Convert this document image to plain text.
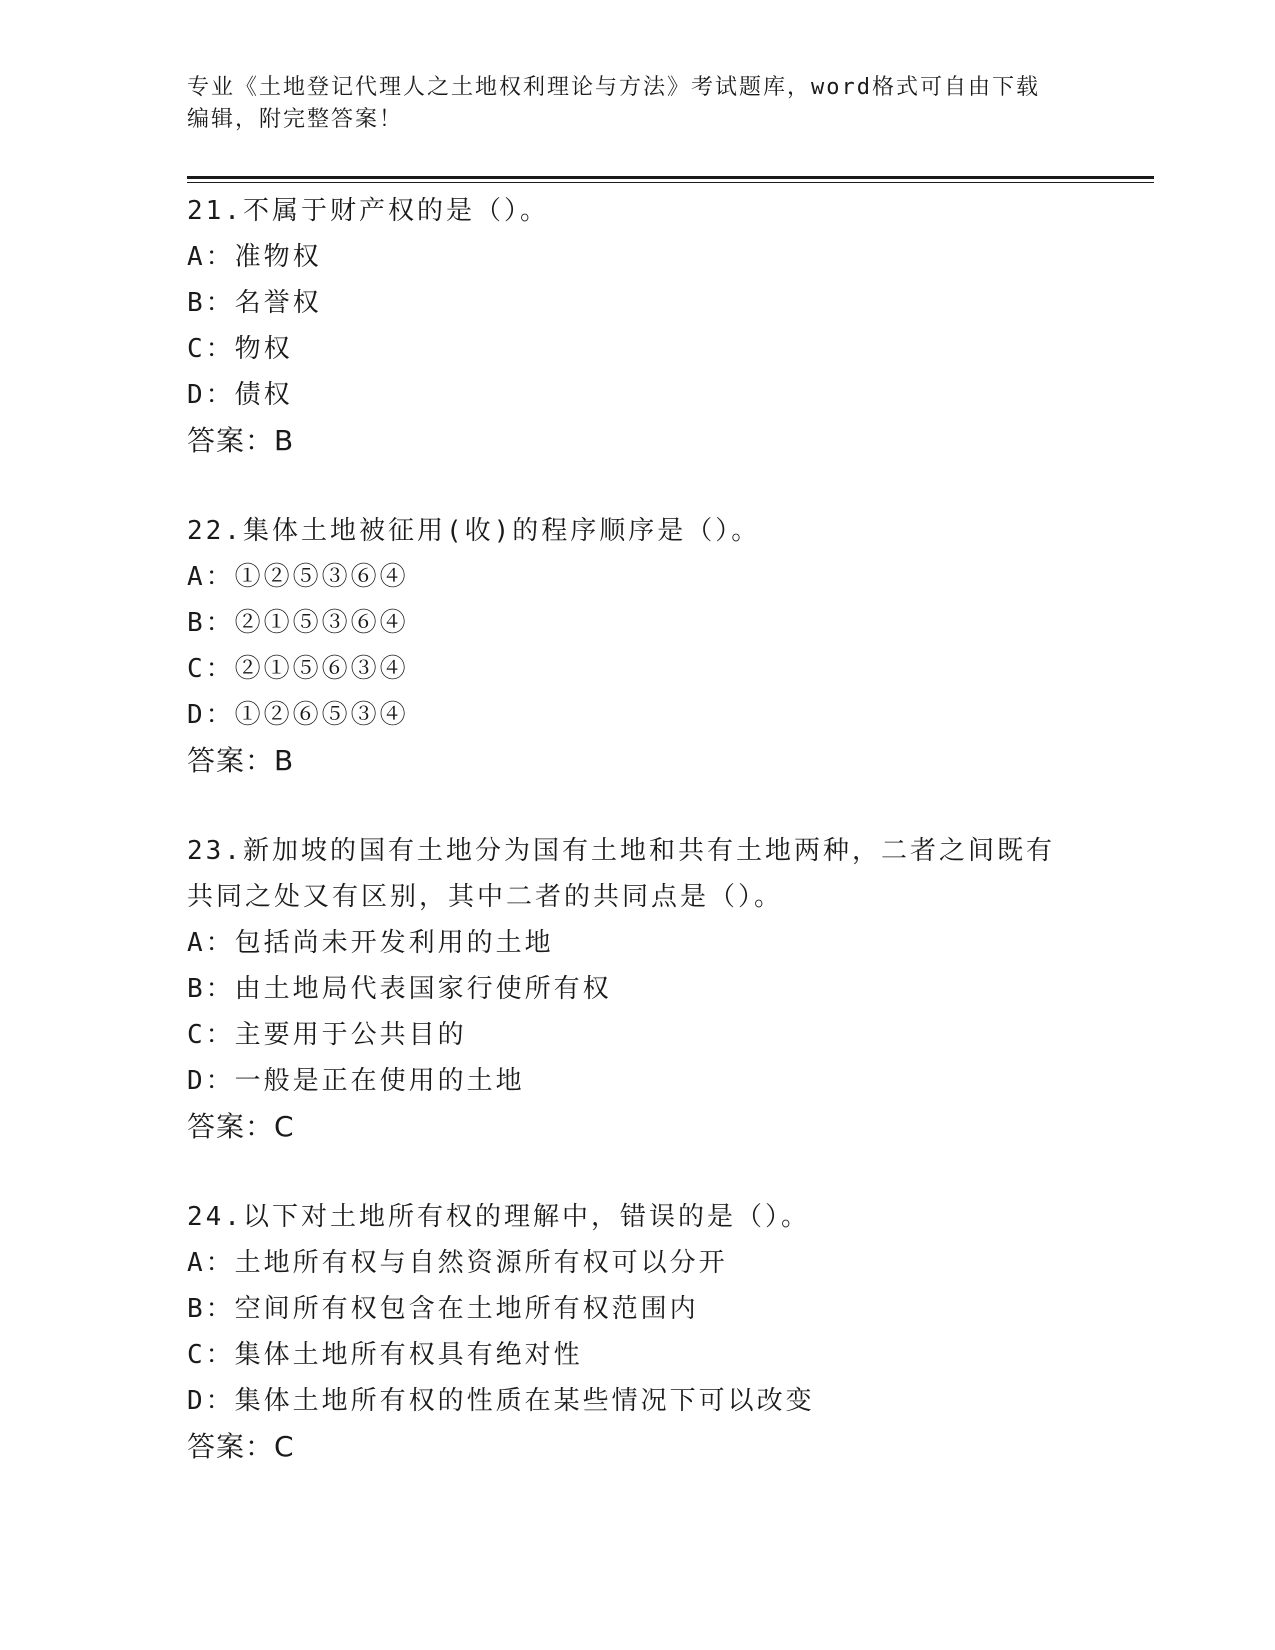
专业《土地登记代理人之土地权利理论与方法》考试题库，word格式可自由下载
编辑，附完整答案！
21.不属于财产权的是（）。
A：准物权
B：名誉权
C：物权
D：债权
答案：B
22.集体土地被征用(收)的程序顺序是（）。
A：①②⑤③⑥④
B：②①⑤③⑥④
C：②①⑤⑥③④
D：①②⑥⑤③④
答案：B
23.新加坡的国有土地分为国有土地和共有土地两种，二者之间既有共同之处又有区别，其中二者的共同点是（）。
A：包括尚未开发利用的土地
B：由土地局代表国家行使所有权
C：主要用于公共目的
D：一般是正在使用的土地
答案：C
24.以下对土地所有权的理解中，错误的是（）。
A：土地所有权与自然资源所有权可以分开
B：空间所有权包含在土地所有权范围内
C：集体土地所有权具有绝对性
D：集体土地所有权的性质在某些情况下可以改变
答案：C
